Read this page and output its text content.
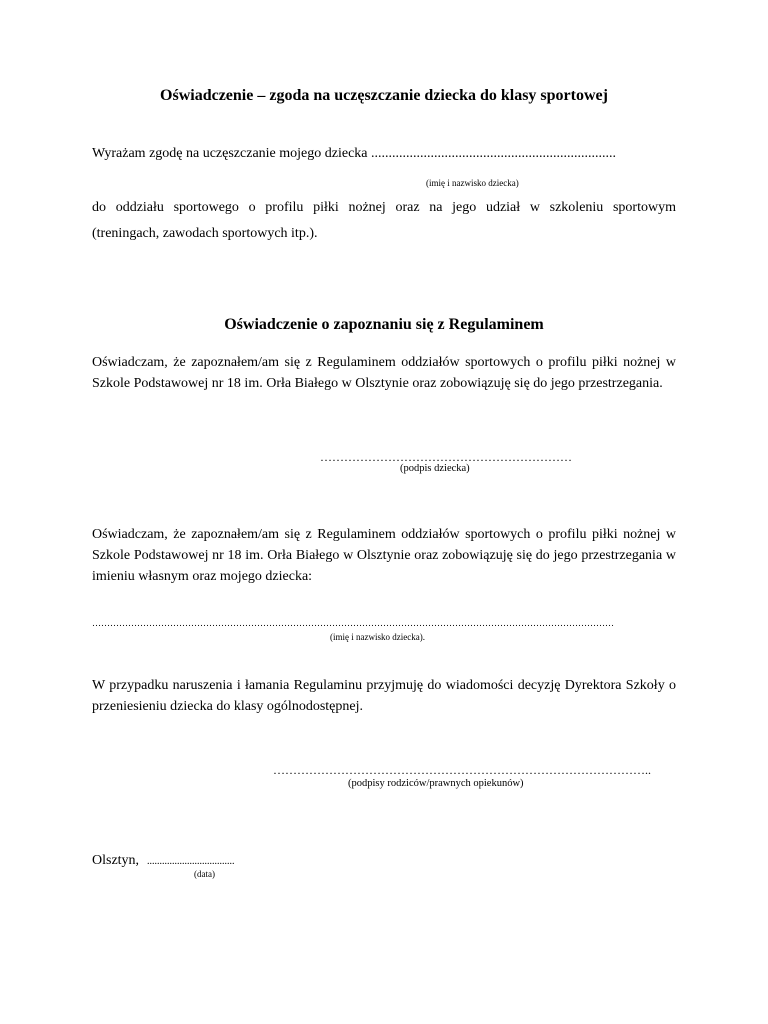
Oświadczenie – zgoda na uczęszczanie dziecka do klasy sportowej
Wyrażam zgodę na uczęszczanie mojego dziecka ......................................................................
(imię i nazwisko dziecka)
do oddziału sportowego o profilu piłki nożnej oraz na jego udział w szkoleniu sportowym
(treningach, zawodach sportowych itp.).
Oświadczenie o zapoznaniu się z Regulaminem
Oświadczam, że zapoznałem/am się z Regulaminem oddziałów sportowych o profilu piłki nożnej w Szkole Podstawowej nr 18 im. Orła Białego w Olsztynie oraz zobowiązuję się do jego przestrzegania.
………………………………………………………
(podpis dziecka)
Oświadczam, że zapoznałem/am się z Regulaminem oddziałów sportowych o profilu piłki nożnej w Szkole Podstawowej nr 18 im. Orła Białego w Olsztynie oraz zobowiązuję się do jego przestrzegania w imieniu własnym oraz mojego dziecka:
…………………………………………………………………………………………………………………………………………………………
(imię i nazwisko dziecka).
W przypadku naruszenia i łamania Regulaminu przyjmuję do wiadomości decyzję Dyrektora Szkoły o przeniesieniu dziecka do klasy ogólnodostępnej.
…………………………………………………………………………………..
(podpisy rodziców/prawnych opiekunów)
Olsztyn, ...................................
(data)
